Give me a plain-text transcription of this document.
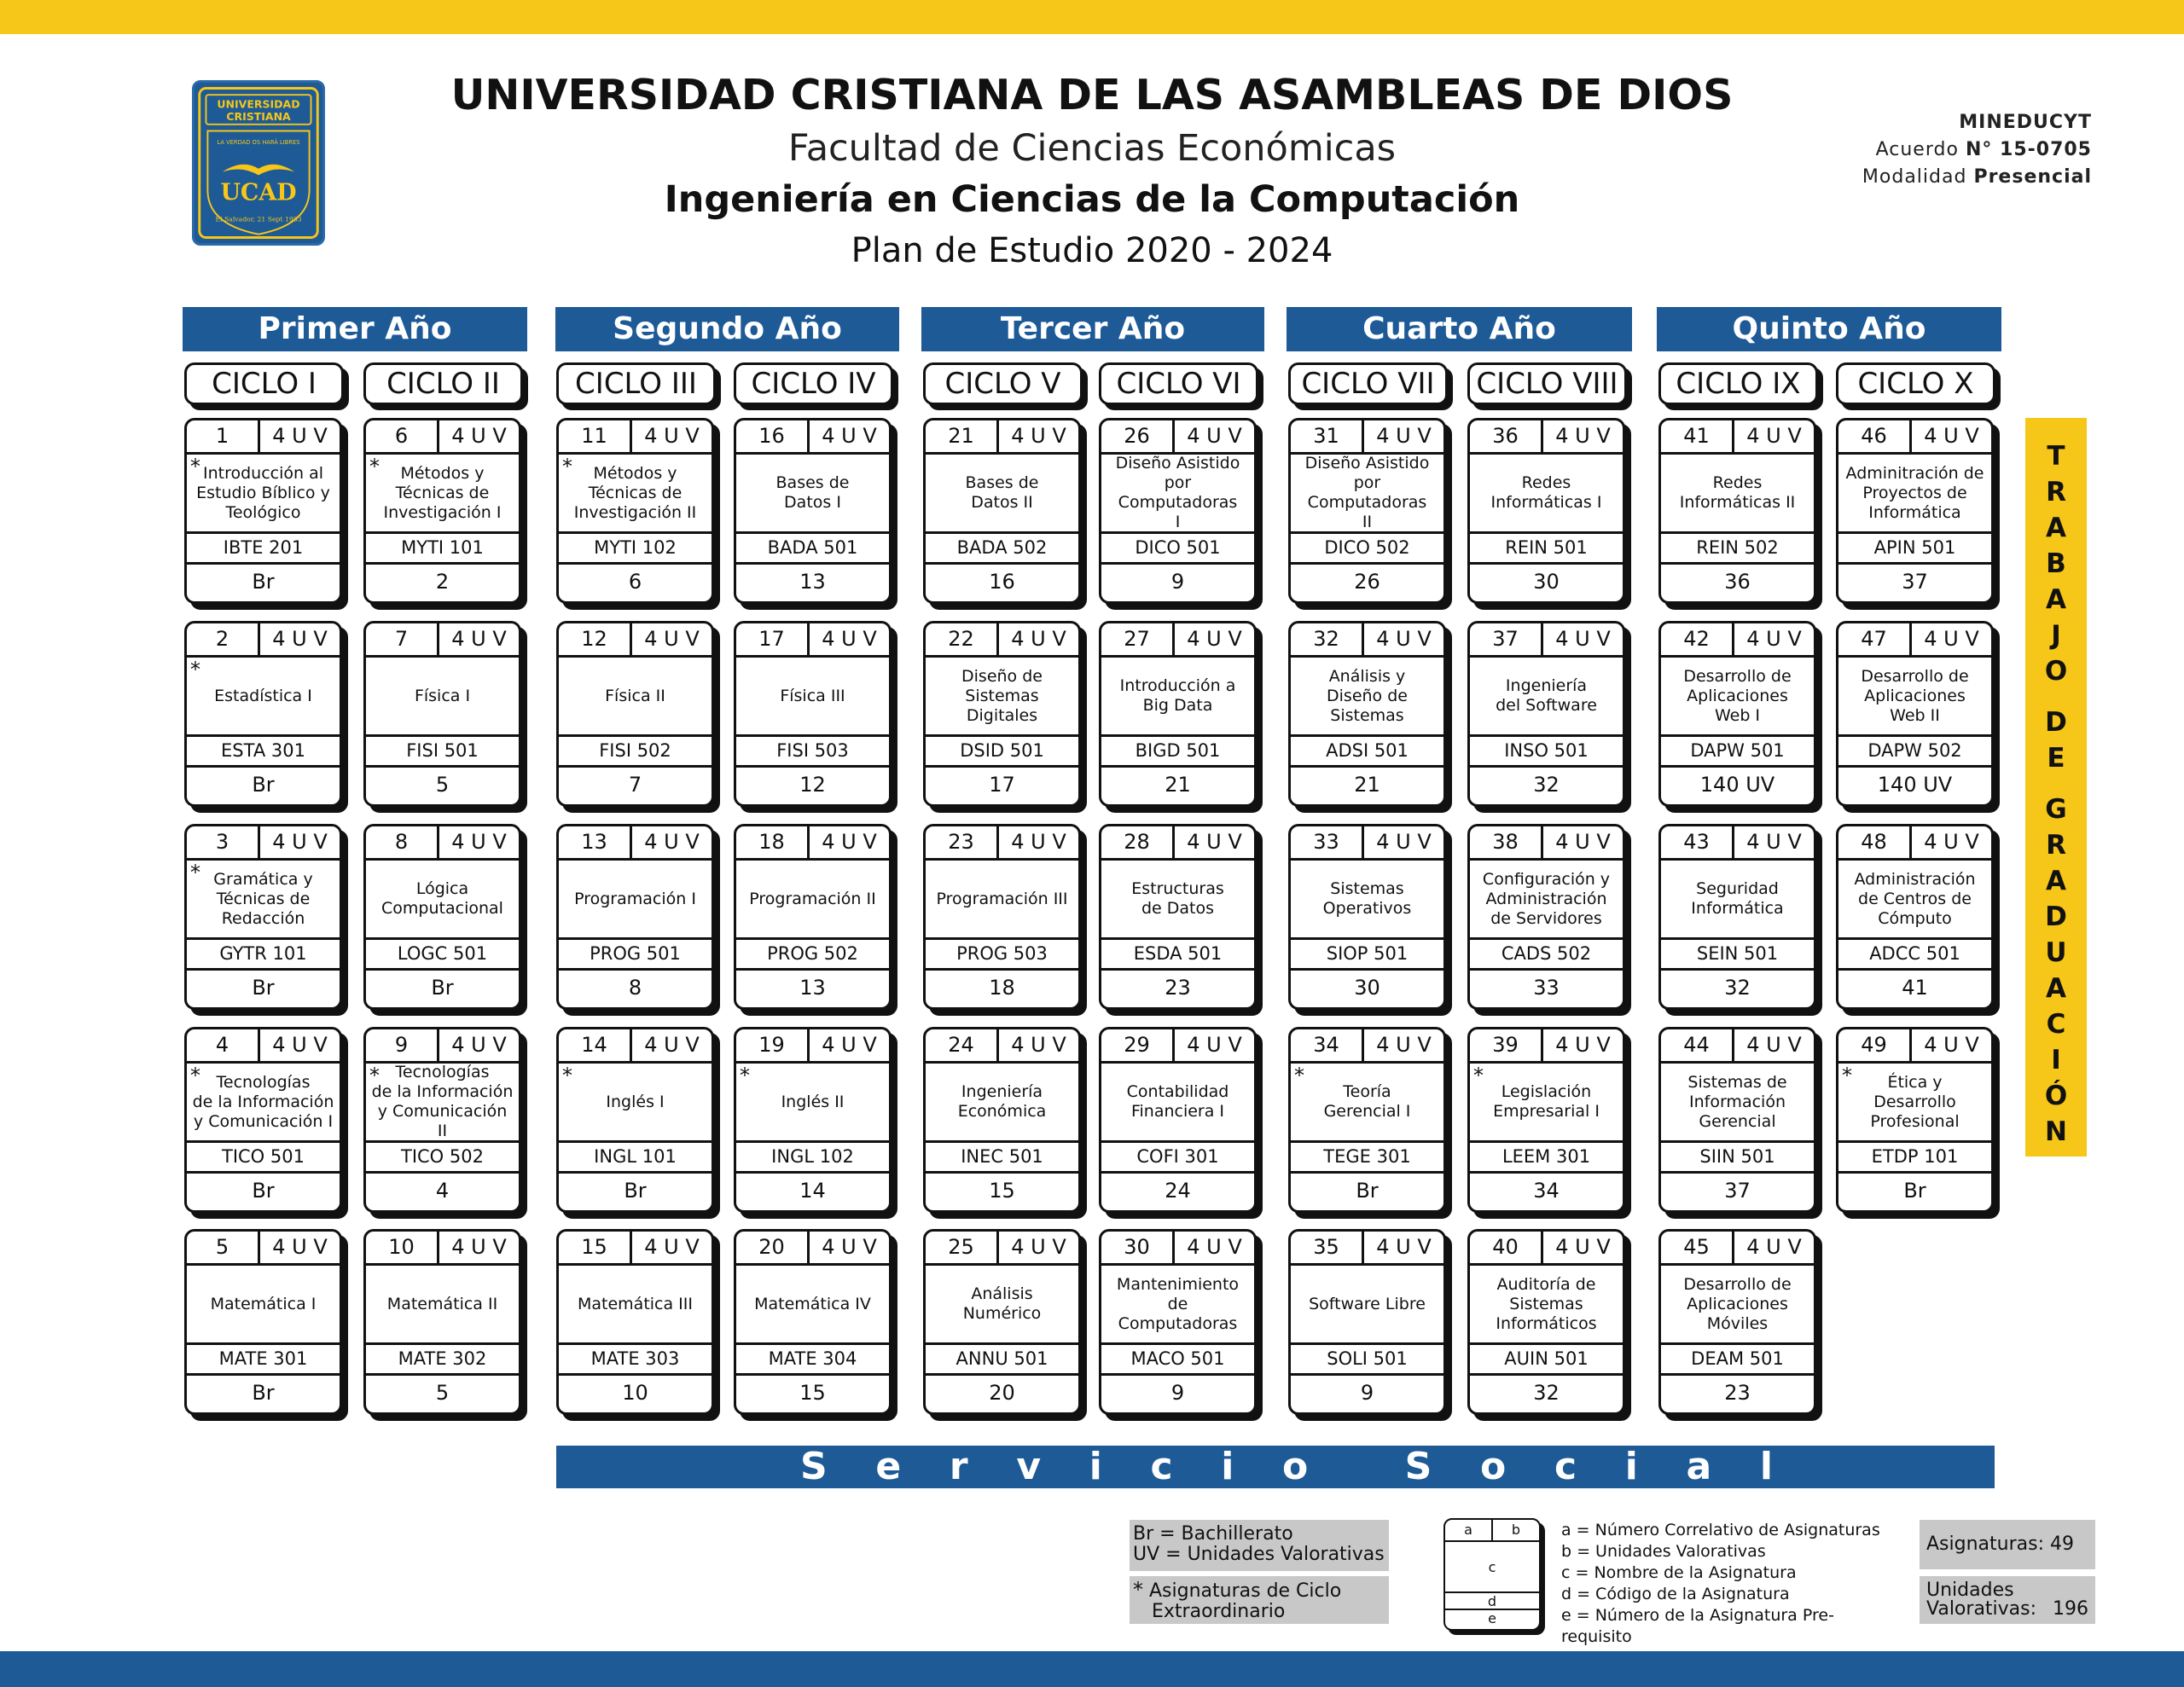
UNIVERSIDAD
CRISTIANA
LA VERDAD OS HARÁ LIBRES
UCAD
El Salvador, 21 Sept 1983
UNIVERSIDAD CRISTIANA DE LAS ASAMBLEAS DE DIOS
Facultad de Ciencias Económicas
Ingeniería en Ciencias de la Computación
Plan de Estudio 2020 - 2024
MINEDUCYT
Acuerdo N° 15-0705
Modalidad Presencial
Primer Año	Segundo Año	Tercer Año	Cuarto Año	Quinto Año
CICLO I	CICLO II	CICLO III	CICLO IV	CICLO V	CICLO VI	CICLO VII	CICLO VIII	CICLO IX	CICLO X
1	4 U V
* Introducción al
Estudio Bíblico y
Teológico
IBTE 201
Br
2	4 U V
*
Estadística I
ESTA 301
Br
3	4 U V
* Gramática y
Técnicas de
Redacción
GYTR 101
Br
4	4 U V
* Tecnologías
de la Información
y Comunicación I
TICO 501
Br
5	4 U V
Matemática I
MATE 301
Br
6	4 U V
*	Métodos y
Técnicas de
Investigación I
MYTI 101
2
7	4 U V
Física I
FISI 501
5
8	4 U V
Lógica
Computacional
LOGC 501
Br
9	4 U V
* Tecnologías
de la Información
y Comunicación II
TICO 502
4
10	4 U V
Matemática II
MATE 302
5
11	4 U V
*	Métodos y
Técnicas de
Investigación II
MYTI 102
6
12	4 U V
Física II
FISI 502
7
13	4 U V
Programación I
PROG 501
8
14	4 U V
*
Inglés I
INGL 101
Br
15	4 U V
Matemática III
MATE 303
10
16	4 U V
Bases de
Datos I
BADA 501
13
17	4 U V
Física III
FISI 503
12
18	4 U V
Programación II
PROG 502
13
19	4 U V
*
Inglés II
INGL 102
14
20	4 U V
Matemática IV
MATE 304
15
21	4 U V
Bases de
Datos II
BADA 502
16
22	4 U V
Diseño de
Sistemas
Digitales
DSID 501
17
23	4 U V
Programación III
PROG 503
18
24	4 U V
Ingeniería
Económica
INEC 501
15
25	4 U V
Análisis
Numérico
ANNU 501
20
26	4 U V
Diseño Asistido
por Computadoras
I
DICO 501
9
27	4 U V
Introducción a
Big Data
BIGD 501
21
28	4 U V
Estructuras
de Datos
ESDA 501
23
29	4 U V
Contabilidad
Financiera I
COFI 301
24
30	4 U V
Mantenimiento
de
Computadoras
MACO 501
9
31	4 U V
Diseño Asistido
por Computadoras
II
DICO 502
26
32	4 U V
Análisis y
Diseño de
Sistemas
ADSI 501
21
33	4 U V
Sistemas
Operativos
SIOP 501
30
34	4 U V
*
Teoría
Gerencial I
TEGE 301
Br
35	4 U V
Software Libre
SOLI 501
9
36	4 U V
Redes
Informáticas I
REIN 501
30
37	4 U V
Ingeniería
del Software
INSO 501
32
38	4 U V
Configuración y
Administración
de Servidores
CADS 502
33
39	4 U V
*
Legislación
Empresarial I
LEEM 301
34
40	4 U V
Auditoría de
Sistemas
Informáticos
AUIN 501
32
41	4 U V
Redes
Informáticas II
REIN 502
36
42	4 U V
Desarrollo de
Aplicaciones
Web I
DAPW 501
140 UV
43	4 U V
Seguridad
Informática
SEIN 501
32
44	4 U V
Sistemas de
Información
Gerencial
SIIN 501
37
45	4 U V
Desarrollo de
Aplicaciones
Móviles
DEAM 501
23
46	4 U V
Adminitración de
Proyectos de
Informática
APIN 501
37
47	4 U V
Desarrollo de
Aplicaciones
Web II
DAPW 502
140 UV
48	4 U V
Administración
de Centros de
Cómputo
ADCC 501
41
49	4 U V
*	Ética y
Desarrollo
Profesional
ETDP 101
Br
T
R
A
B
A
J
O
D
E
G
R
A
D
U
A
C
I
Ó
N
S e r v i c i o	S o c i a l
Br = Bachillerato
UV = Unidades Valorativas
* Asignaturas de Ciclo
Extraordinario
a	b
c
d
e
a = Número Correlativo de Asignaturas
b = Unidades Valorativas
c = Nombre de la Asignatura
d = Código de la Asignatura
e = Número de la Asignatura Pre-requisito
Asignaturas: 49
Unidades
Valorativas: 196
